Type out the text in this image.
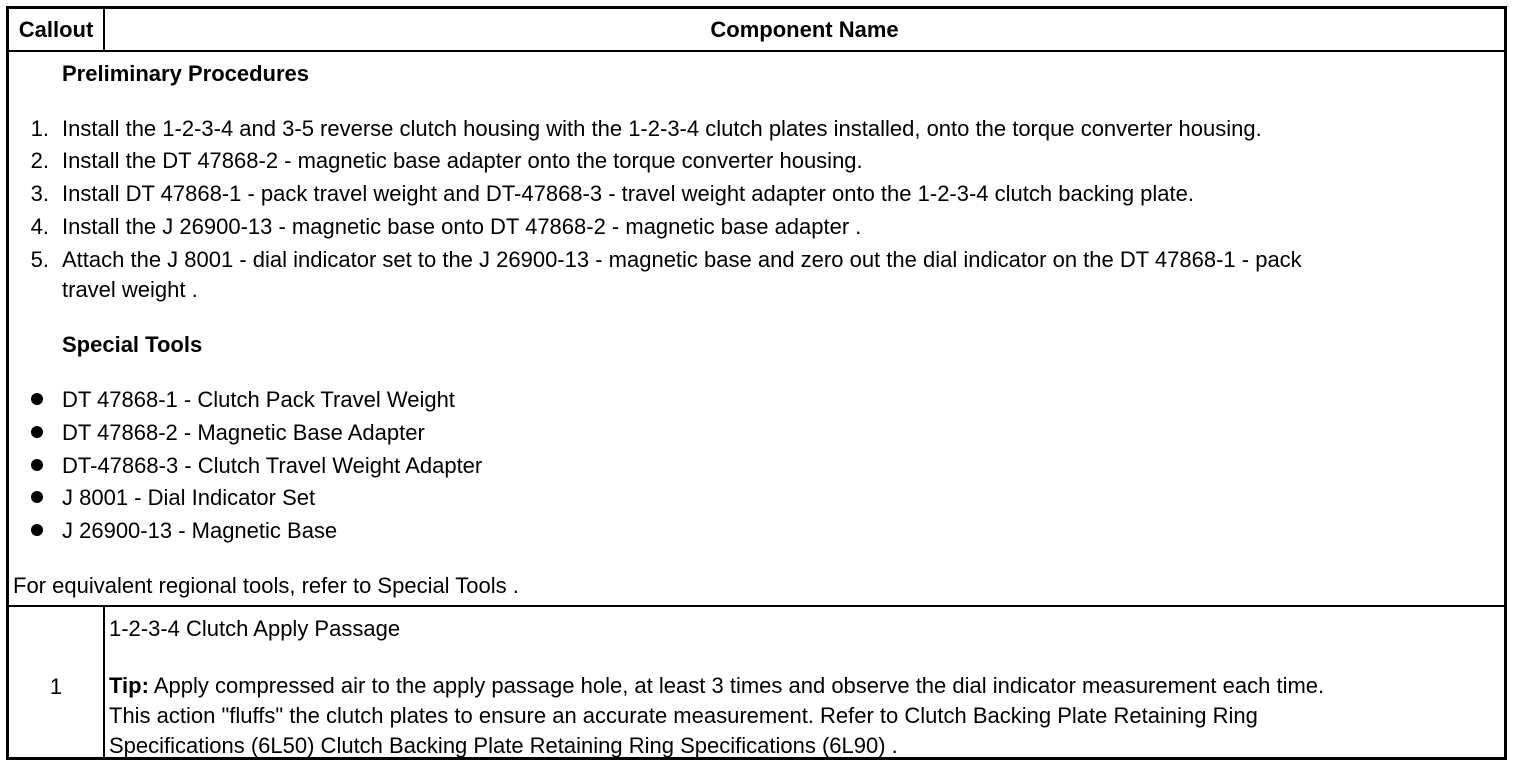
Callout	Component Name
Preliminary Procedures
1. Install the 1-2-3-4 and 3-5 reverse clutch housing with the 1-2-3-4 clutch plates installed, onto the torque converter housing.
2. Install the DT 47868-2 - magnetic base adapter onto the torque converter housing.
3. Install DT 47868-1 - pack travel weight and DT-47868-3 - travel weight adapter onto the 1-2-3-4 clutch backing plate.
4. Install the J 26900-13 - magnetic base onto DT 47868-2 - magnetic base adapter .
5. Attach the J 8001 - dial indicator set to the J 26900-13 - magnetic base and zero out the dial indicator on the DT 47868-1 - pack
travel weight .
Special Tools
DT 47868-1 - Clutch Pack Travel Weight
DT 47868-2 - Magnetic Base Adapter
DT-47868-3 - Clutch Travel Weight Adapter
J 8001 - Dial Indicator Set
J 26900-13 - Magnetic Base
For equivalent regional tools, refer to Special Tools .
1
1-2-3-4 Clutch Apply Passage
Tip: Apply compressed air to the apply passage hole, at least 3 times and observe the dial indicator measurement each time.
This action "fluffs" the clutch plates to ensure an accurate measurement. Refer to Clutch Backing Plate Retaining Ring
Specifications (6L50) Clutch Backing Plate Retaining Ring Specifications (6L90) .
